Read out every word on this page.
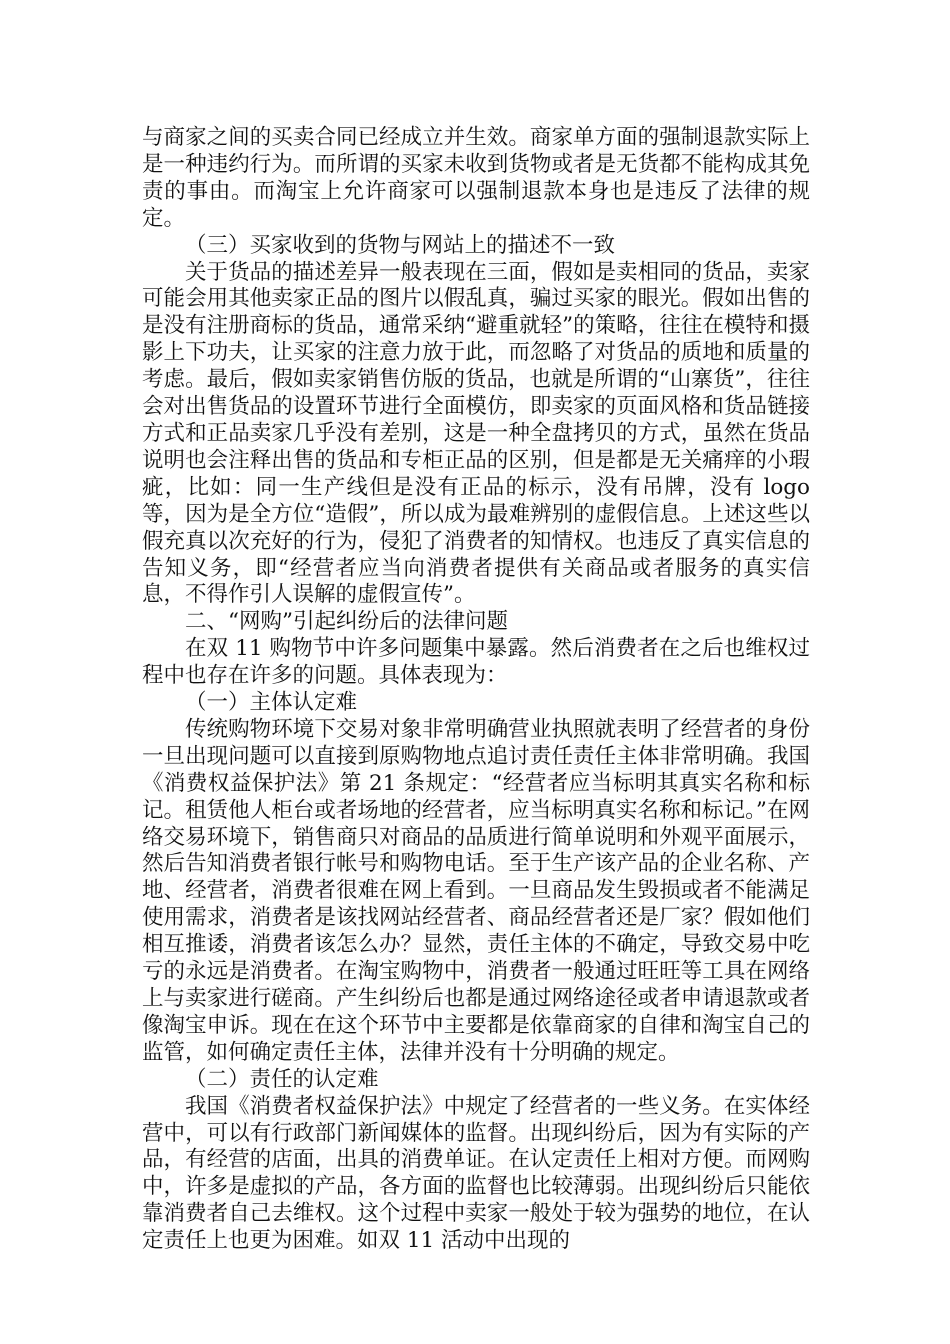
与商家之间的买卖合同已经成立并生效。商家单方面的强制退款实际上是一种违约行为。而所谓的买家未收到货物或者是无货都不能构成其免责的事由。而淘宝上允许商家可以强制退款本身也是违反了法律的规定。

（三）买家收到的货物与网站上的描述不一致

关于货品的描述差异一般表现在三面，假如是卖相同的货品，卖家可能会用其他卖家正品的图片以假乱真，骗过买家的眼光。假如出售的是没有注册商标的货品，通常采纳“避重就轻”的策略，往往在模特和摄影上下功夫，让买家的注意力放于此，而忽略了对货品的质地和质量的考虑。最后，假如卖家销售仿版的货品，也就是所谓的“山寨货”，往往会对出售货品的设置环节进行全面模仿，即卖家的页面风格和货品链接方式和正品卖家几乎没有差别，这是一种全盘拷贝的方式，虽然在货品说明也会注释出售的货品和专柜正品的区别，但是都是无关痛痒的小瑕疵，比如：同一生产线但是没有正品的标示，没有吊牌，没有 logo 等，因为是全方位“造假”，所以成为最难辨别的虚假信息。上述这些以假充真以次充好的行为，侵犯了消费者的知情权。也违反了真实信息的告知义务，即“经营者应当向消费者提供有关商品或者服务的真实信息，不得作引人误解的虚假宣传”。

二、“网购”引起纠纷后的法律问题

在双 11 购物节中许多问题集中暴露。然后消费者在之后也维权过程中也存在许多的问题。具体表现为：

（一）主体认定难

传统购物环境下交易对象非常明确营业执照就表明了经营者的身份一旦出现问题可以直接到原购物地点追讨责任责任主体非常明确。我国《消费权益保护法》第 21 条规定：“经营者应当标明其真实名称和标记。租赁他人柜台或者场地的经营者，应当标明真实名称和标记。”在网络交易环境下，销售商只对商品的品质进行简单说明和外观平面展示，然后告知消费者银行帐号和购物电话。至于生产该产品的企业名称、产地、经营者，消费者很难在网上看到。一旦商品发生毁损或者不能满足使用需求，消费者是该找网站经营者、商品经营者还是厂家？假如他们相互推诿，消费者该怎么办？显然，责任主体的不确定，导致交易中吃亏的永远是消费者。在淘宝购物中，消费者一般通过旺旺等工具在网络上与卖家进行磋商。产生纠纷后也都是通过网络途径或者申请退款或者像淘宝申诉。现在在这个环节中主要都是依靠商家的自律和淘宝自己的监管，如何确定责任主体，法律并没有十分明确的规定。

（二）责任的认定难

我国《消费者权益保护法》中规定了经营者的一些义务。在实体经营中，可以有行政部门新闻媒体的监督。出现纠纷后，因为有实际的产品，有经营的店面，出具的消费单证。在认定责任上相对方便。而网购中，许多是虚拟的产品，各方面的监督也比较薄弱。出现纠纷后只能依靠消费者自己去维权。这个过程中卖家一般处于较为强势的地位，在认定责任上也更为困难。如双 11 活动中出现的
